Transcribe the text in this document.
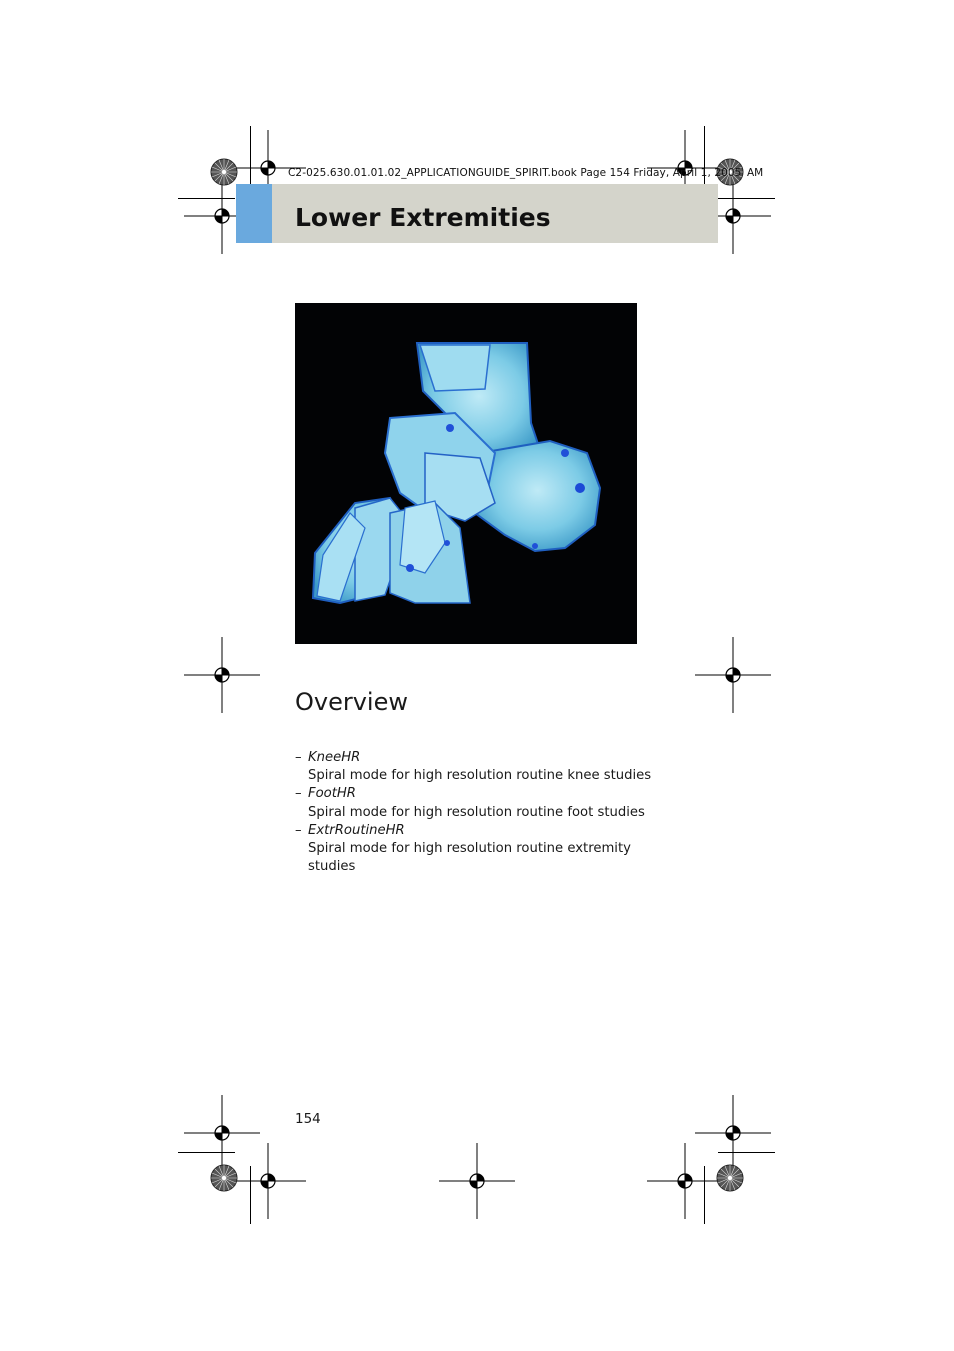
C2-025.630.01.01.02_APPLICATIONGUIDE_SPIRIT.book Page 154 Friday, April 1, 2005 AM
Lower Extremities
Overview
– KneeHR
Spiral mode for high resolution routine knee studies
– FootHR
Spiral mode for high resolution routine foot studies
– ExtrRoutineHR
Spiral mode for high resolution routine extremity studies
154
